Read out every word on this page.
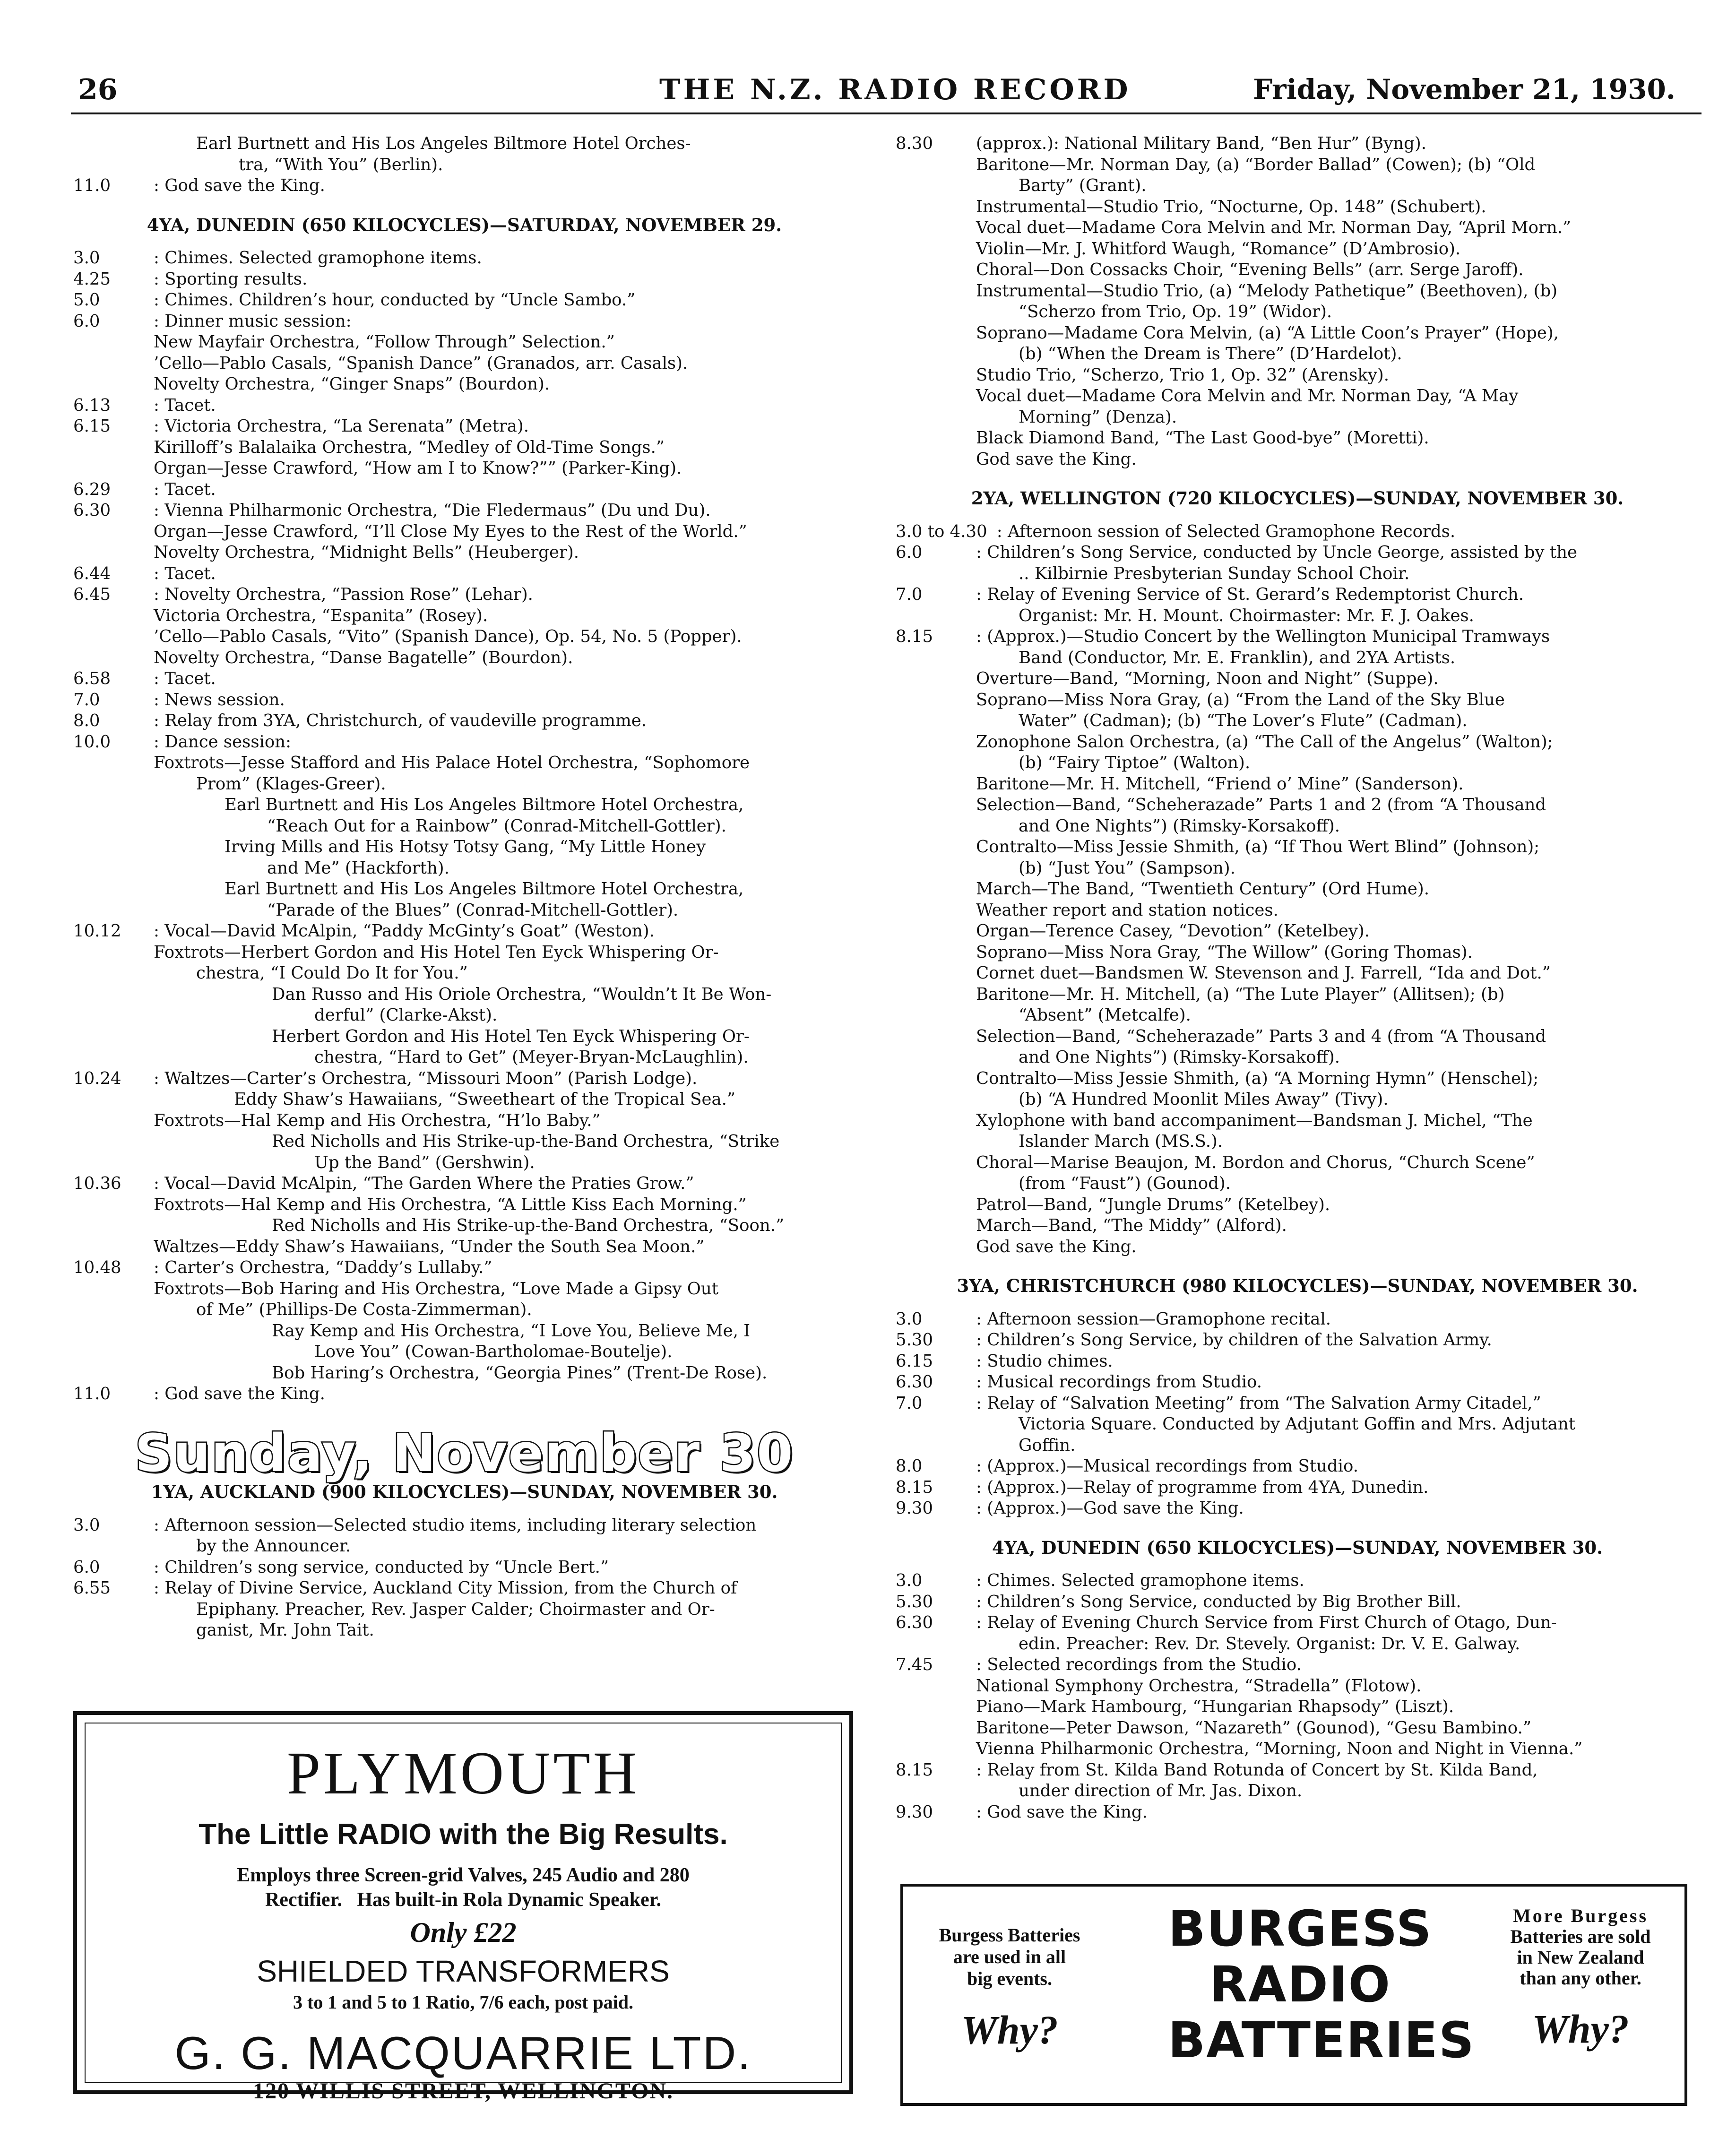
26	THE N.Z. RADIO RECORD	Friday, November 21, 1930.
Earl Burtnett and His Los Angeles Biltmore Hotel Orches-
tra, “With You” (Berlin).
11.0	: God save the King.
4YA, DUNEDIN (650 KILOCYCLES)—SATURDAY, NOVEMBER 29.
3.0	: Chimes. Selected gramophone items.
4.25	: Sporting results.
5.0	: Chimes. Children’s hour, conducted by “Uncle Sambo.”
6.0	: Dinner music session:
New Mayfair Orchestra, “Follow Through” Selection.”
’Cello—Pablo Casals, “Spanish Dance” (Granados, arr. Casals).
Novelty Orchestra, “Ginger Snaps” (Bourdon).
6.13	: Tacet.
6.15	: Victoria Orchestra, “La Serenata” (Metra).
Kirilloff’s Balalaika Orchestra, “Medley of Old-Time Songs.”
Organ—Jesse Crawford, “How am I to Know?”” (Parker-King).
6.29	: Tacet.
6.30	: Vienna Philharmonic Orchestra, “Die Fledermaus” (Du und Du).
Organ—Jesse Crawford, “I’ll Close My Eyes to the Rest of the World.”
Novelty Orchestra, “Midnight Bells” (Heuberger).
6.44	: Tacet.
6.45	: Novelty Orchestra, “Passion Rose” (Lehar).
Victoria Orchestra, “Espanita” (Rosey).
’Cello—Pablo Casals, “Vito” (Spanish Dance), Op. 54, No. 5 (Popper).
Novelty Orchestra, “Danse Bagatelle” (Bourdon).
6.58	: Tacet.
7.0	: News session.
8.0	: Relay from 3YA, Christchurch, of vaudeville programme.
10.0	: Dance session:
Foxtrots—Jesse Stafford and His Palace Hotel Orchestra, “Sophomore
Prom” (Klages-Greer).
Earl Burtnett and His Los Angeles Biltmore Hotel Orchestra,
“Reach Out for a Rainbow” (Conrad-Mitchell-Gottler).
Irving Mills and His Hotsy Totsy Gang, “My Little Honey
and Me” (Hackforth).
Earl Burtnett and His Los Angeles Biltmore Hotel Orchestra,
“Parade of the Blues” (Conrad-Mitchell-Gottler).
10.12	: Vocal—David McAlpin, “Paddy McGinty’s Goat” (Weston).
Foxtrots—Herbert Gordon and His Hotel Ten Eyck Whispering Or-
chestra, “I Could Do It for You.”
Dan Russo and His Oriole Orchestra, “Wouldn’t It Be Won-
derful” (Clarke-Akst).
Herbert Gordon and His Hotel Ten Eyck Whispering Or-
chestra, “Hard to Get” (Meyer-Bryan-McLaughlin).
10.24	: Waltzes—Carter’s Orchestra, “Missouri Moon” (Parish Lodge).
Eddy Shaw’s Hawaiians, “Sweetheart of the Tropical Sea.”
Foxtrots—Hal Kemp and His Orchestra, “H’lo Baby.”
Red Nicholls and His Strike-up-the-Band Orchestra, “Strike
Up the Band” (Gershwin).
10.36	: Vocal—David McAlpin, “The Garden Where the Praties Grow.”
Foxtrots—Hal Kemp and His Orchestra, “A Little Kiss Each Morning.”
Red Nicholls and His Strike-up-the-Band Orchestra, “Soon.”
Waltzes—Eddy Shaw’s Hawaiians, “Under the South Sea Moon.”
10.48	: Carter’s Orchestra, “Daddy’s Lullaby.”
Foxtrots—Bob Haring and His Orchestra, “Love Made a Gipsy Out
of Me” (Phillips-De Costa-Zimmerman).
Ray Kemp and His Orchestra, “I Love You, Believe Me, I
Love You” (Cowan-Bartholomae-Boutelje).
Bob Haring’s Orchestra, “Georgia Pines” (Trent-De Rose).
11.0	: God save the King.
Sunday, November 30
1YA, AUCKLAND (900 KILOCYCLES)—SUNDAY, NOVEMBER 30.
3.0	: Afternoon session—Selected studio items, including literary selection
by the Announcer.
6.0	: Children’s song service, conducted by “Uncle Bert.”
6.55	: Relay of Divine Service, Auckland City Mission, from the Church of
Epiphany. Preacher, Rev. Jasper Calder; Choirmaster and Or-
ganist, Mr. John Tait.
PLYMOUTH
The Little RADIO with the Big Results.
Employs three Screen-grid Valves, 245 Audio and 280
Rectifier.   Has built-in Rola Dynamic Speaker.
Only £22
SHIELDED TRANSFORMERS
3 to 1 and 5 to 1 Ratio, 7/6 each, post paid.
G. G. MACQUARRIE LTD.
120 WILLIS STREET, WELLINGTON.
8.30	(approx.): National Military Band, “Ben Hur” (Byng).
Baritone—Mr. Norman Day, (a) “Border Ballad” (Cowen); (b) “Old
Barty” (Grant).
Instrumental—Studio Trio, “Nocturne, Op. 148” (Schubert).
Vocal duet—Madame Cora Melvin and Mr. Norman Day, “April Morn.”
Violin—Mr. J. Whitford Waugh, “Romance” (D’Ambrosio).
Choral—Don Cossacks Choir, “Evening Bells” (arr. Serge Jaroff).
Instrumental—Studio Trio, (a) “Melody Pathetique” (Beethoven), (b)
“Scherzo from Trio, Op. 19” (Widor).
Soprano—Madame Cora Melvin, (a) “A Little Coon’s Prayer” (Hope),
(b) “When the Dream is There” (D’Hardelot).
Studio Trio, “Scherzo, Trio 1, Op. 32” (Arensky).
Vocal duet—Madame Cora Melvin and Mr. Norman Day, “A May
Morning” (Denza).
Black Diamond Band, “The Last Good-bye” (Moretti).
God save the King.
2YA, WELLINGTON (720 KILOCYCLES)—SUNDAY, NOVEMBER 30.
3.0 to 4.30 : Afternoon session of Selected Gramophone Records.
6.0	: Children’s Song Service, conducted by Uncle George, assisted by the
.. Kilbirnie Presbyterian Sunday School Choir.
7.0	: Relay of Evening Service of St. Gerard’s Redemptorist Church.
Organist: Mr. H. Mount. Choirmaster: Mr. F. J. Oakes.
8.15	: (Approx.)—Studio Concert by the Wellington Municipal Tramways
Band (Conductor, Mr. E. Franklin), and 2YA Artists.
Overture—Band, “Morning, Noon and Night” (Suppe).
Soprano—Miss Nora Gray, (a) “From the Land of the Sky Blue
Water” (Cadman); (b) “The Lover’s Flute” (Cadman).
Zonophone Salon Orchestra, (a) “The Call of the Angelus” (Walton);
(b) “Fairy Tiptoe” (Walton).
Baritone—Mr. H. Mitchell, “Friend o’ Mine” (Sanderson).
Selection—Band, “Scheherazade” Parts 1 and 2 (from “A Thousand
and One Nights”) (Rimsky-Korsakoff).
Contralto—Miss Jessie Shmith, (a) “If Thou Wert Blind” (Johnson);
(b) “Just You” (Sampson).
March—The Band, “Twentieth Century” (Ord Hume).
Weather report and station notices.
Organ—Terence Casey, “Devotion” (Ketelbey).
Soprano—Miss Nora Gray, “The Willow” (Goring Thomas).
Cornet duet—Bandsmen W. Stevenson and J. Farrell, “Ida and Dot.”
Baritone—Mr. H. Mitchell, (a) “The Lute Player” (Allitsen); (b)
“Absent” (Metcalfe).
Selection—Band, “Scheherazade” Parts 3 and 4 (from “A Thousand
and One Nights”) (Rimsky-Korsakoff).
Contralto—Miss Jessie Shmith, (a) “A Morning Hymn” (Henschel);
(b) “A Hundred Moonlit Miles Away” (Tivy).
Xylophone with band accompaniment—Bandsman J. Michel, “The
Islander March (MS.S.).
Choral—Marise Beaujon, M. Bordon and Chorus, “Church Scene”
(from “Faust”) (Gounod).
Patrol—Band, “Jungle Drums” (Ketelbey).
March—Band, “The Middy” (Alford).
God save the King.
3YA, CHRISTCHURCH (980 KILOCYCLES)—SUNDAY, NOVEMBER 30.
3.0	: Afternoon session—Gramophone recital.
5.30	: Children’s Song Service, by children of the Salvation Army.
6.15	: Studio chimes.
6.30	: Musical recordings from Studio.
7.0	: Relay of “Salvation Meeting” from “The Salvation Army Citadel,”
Victoria Square. Conducted by Adjutant Goffin and Mrs. Adjutant
Goffin.
8.0	: (Approx.)—Musical recordings from Studio.
8.15	: (Approx.)—Relay of programme from 4YA, Dunedin.
9.30	: (Approx.)—God save the King.
4YA, DUNEDIN (650 KILOCYCLES)—SUNDAY, NOVEMBER 30.
3.0	: Chimes. Selected gramophone items.
5.30	: Children’s Song Service, conducted by Big Brother Bill.
6.30	: Relay of Evening Church Service from First Church of Otago, Dun-
edin. Preacher: Rev. Dr. Stevely. Organist: Dr. V. E. Galway.
7.45	: Selected recordings from the Studio.
National Symphony Orchestra, “Stradella” (Flotow).
Piano—Mark Hambourg, “Hungarian Rhapsody” (Liszt).
Baritone—Peter Dawson, “Nazareth” (Gounod), “Gesu Bambino.”
Vienna Philharmonic Orchestra, “Morning, Noon and Night in Vienna.”
8.15	: Relay from St. Kilda Band Rotunda of Concert by St. Kilda Band,
under direction of Mr. Jas. Dixon.
9.30	: God save the King.
Burgess Batteries
are used in all
big events.
Why?
BURGESS
RADIO
BATTERIES
More Burgess
Batteries are sold
in New Zealand
than any other.
Why?
